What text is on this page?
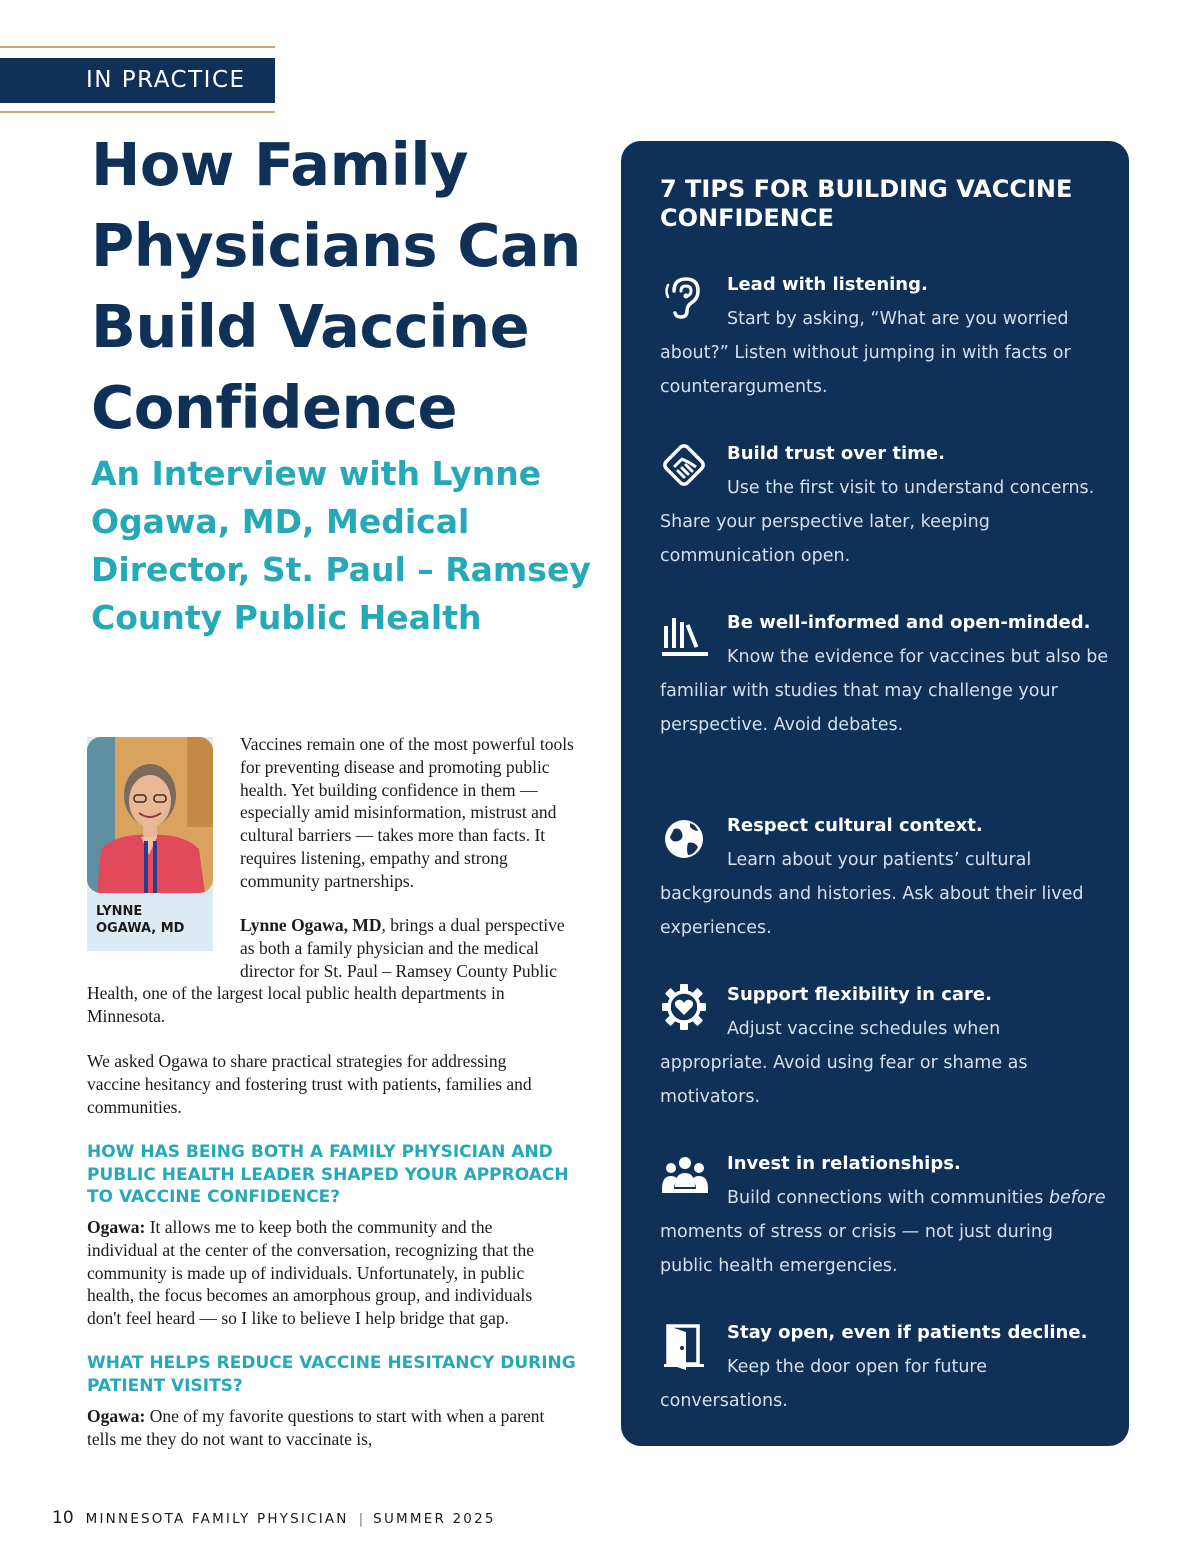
IN PRACTICE
How Family Physicians Can Build Vaccine Confidence
An Interview with Lynne Ogawa, MD, Medical Director, St. Paul – Ramsey County Public Health
LYNNE
OGAWA, MD

Vaccines remain one of the most powerful tools for preventing disease and promoting public health. Yet building confidence in them — especially amid misinformation, mistrust and cultural barriers — takes more than facts. It requires listening, empathy and strong community partnerships.

Lynne Ogawa, MD, brings a dual perspective as both a family physician and the medical director for St. Paul – Ramsey County Public Health, one of the largest local public health departments in Minnesota.

We asked Ogawa to share practical strategies for addressing vaccine hesitancy and fostering trust with patients, families and communities.

HOW HAS BEING BOTH A FAMILY PHYSICIAN AND PUBLIC HEALTH LEADER SHAPED YOUR APPROACH TO VACCINE CONFIDENCE?

Ogawa: It allows me to keep both the community and the individual at the center of the conversation, recognizing that the community is made up of individuals. Unfortunately, in public health, the focus becomes an amorphous group, and individuals don't feel heard — so I like to believe I help bridge that gap.

WHAT HELPS REDUCE VACCINE HESITANCY DURING PATIENT VISITS?

Ogawa: One of my favorite questions to start with when a parent tells me they do not want to vaccinate is,

7 TIPS FOR BUILDING VACCINE CONFIDENCE

Lead with listening.

Start by asking, “What are you worried about?” Listen without jumping in with facts or counterarguments.

Build trust over time.

Use the first visit to understand concerns. Share your perspective later, keeping communication open.

Be well-informed and open-minded.

Know the evidence for vaccines but also be familiar with studies that may challenge your perspective. Avoid debates.

Respect cultural context.

Learn about your patients’ cultural backgrounds and histories. Ask about their lived experiences.

Support flexibility in care.

Adjust vaccine schedules when appropriate. Avoid using fear or shame as motivators.

Invest in relationships.

Build connections with communities before moments of stress or crisis — not just during public health emergencies.

Stay open, even if patients decline.

Keep the door open for future conversations.

10 MINNESOTA FAMILY PHYSICIAN | SUMMER 2025
